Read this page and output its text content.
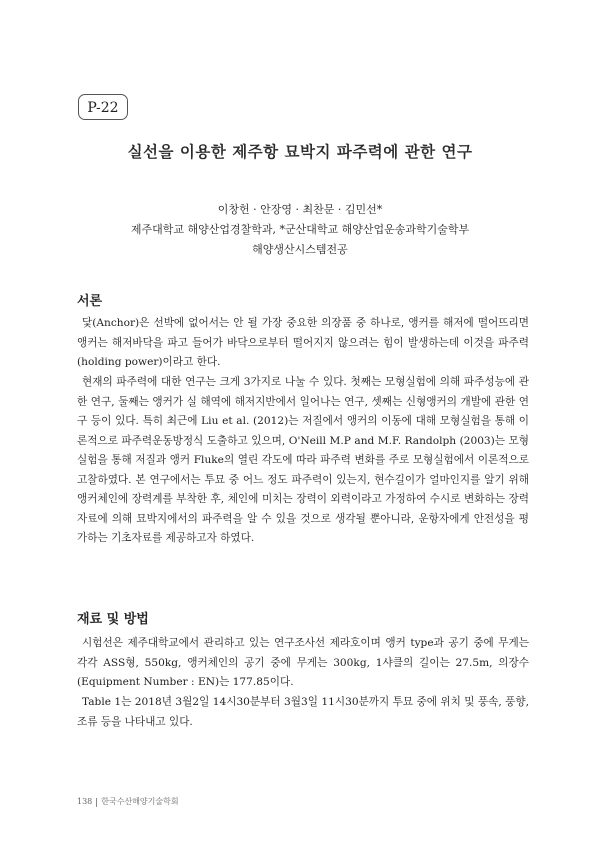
P-22
실선을 이용한 제주항 묘박지 파주력에 관한 연구

이창헌 · 안장영 · 최찬문 · 김민선*

제주대학교 해양산업경찰학과, *군산대학교 해양산업운송과학기술학부

해양생산시스템전공

서론

닻(Anchor)은 선박에 없어서는 안 될 가장 중요한 의장품 중 하나로, 앵커를 해저에 떨어뜨리면 앵커는 해저바닥을 파고 들어가 바닥으로부터 떨어지지 않으려는 힘이 발생하는데 이것을 파주력 (holding power)이라고 한다.

현재의 파주력에 대한 연구는 크게 3가지로 나눌 수 있다. 첫째는 모형실험에 의해 파주성능에 관한 연구, 둘째는 앵커가 실 해역에 해저지반에서 일어나는 연구, 셋째는 신형앵커의 개발에 관한 연구 등이 있다. 특히 최근에 Liu et al. (2012)는 저질에서 앵커의 이동에 대해 모형실험을 통해 이론적으로 파주력운동방정식 도출하고 있으며, O'Neill M.P and M.F. Randolph (2003)는 모형실험을 통해 저질과 앵커 Fluke의 열린 각도에 따라 파주력 변화를 주로 모형실험에서 이론적으로 고찰하였다. 본 연구에서는 투묘 중 어느 정도 파주력이 있는지, 현수길이가 얼마인지를 알기 위해 앵커체인에 장력계를 부착한 후, 체인에 미치는 장력이 외력이라고 가정하여 수시로 변화하는 장력자료에 의해 묘박지에서의 파주력을 알 수 있을 것으로 생각될 뿐아니라, 운항자에게 안전성을 평가하는 기초자료를 제공하고자 하였다.

재료 및 방법

시험선은 제주대학교에서 관리하고 있는 연구조사선 제라호이며 앵커 type과 공기 중에 무게는 각각 ASS형, 550kg, 앵커체인의 공기 중에 무게는 300kg, 1샤클의 길이는 27.5m, 의장수(Equipment Number : EN)는 177.85이다.

Table 1는 2018년 3월2일 14시30분부터 3월3일 11시30분까지 투묘 중에 위치 및 풍속, 풍향, 조류 등을 나타내고 있다.

138 한국수산해양기술학회
